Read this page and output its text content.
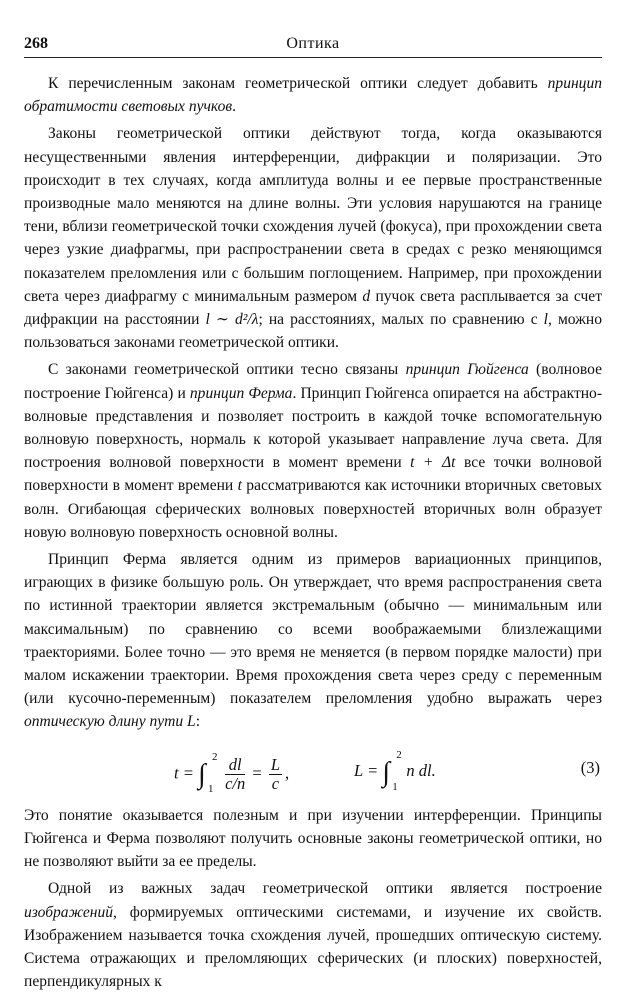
268	Оптика

К перечисленным законам геометрической оптики следует добавить принцип обратимости световых пучков.

Законы геометрической оптики действуют тогда, когда оказываются несущественными явления интерференции, дифракции и поляризации. Это происходит в тех случаях, когда амплитуда волны и ее первые пространственные производные мало меняются на длине волны. Эти условия нарушаются на границе тени, вблизи геометрической точки схождения лучей (фокуса), при прохождении света через узкие диафрагмы, при распространении света в средах с резко меняющимся показателем преломления или с большим поглощением. Например, при прохождении света через диафрагму с минимальным размером d пучок света расплывается за счет дифракции на расстоянии l ∼ d²/λ; на расстояниях, малых по сравнению с l, можно пользоваться законами геометрической оптики.

С законами геометрической оптики тесно связаны принцип Гюйгенса (волновое построение Гюйгенса) и принцип Ферма. Принцип Гюйгенса опирается на абстрактно-волновые представления и позволяет построить в каждой точке вспомогательную волновую поверхность, нормаль к которой указывает направление луча света. Для построения волновой поверхности в момент времени t + Δt все точки волновой поверхности в момент времени t рассматриваются как источники вторичных световых волн. Огибающая сферических волновых поверхностей вторичных волн образует новую волновую поверхность основной волны.

Принцип Ферма является одним из примеров вариационных принципов, играющих в физике большую роль. Он утверждает, что время распространения света по истинной траектории является экстремальным (обычно — минимальным или максимальным) по сравнению со всеми воображаемыми близлежащими траекториями. Более точно — это время не меняется (в первом порядке малости) при малом искажении траектории. Время прохождения света через среду с переменным (или кусочно-переменным) показателем преломления удобно выражать через оптическую длину пути L:

t = ∫
2
1
$\frac{dl}{c/n} = \frac{L}{c}$ ,	L = ∫
2
1
n dl.	(3)

Это понятие оказывается полезным и при изучении интерференции. Принципы Гюйгенса и Ферма позволяют получить основные законы геометрической оптики, но не позволяют выйти за ее пределы.

Одной из важных задач геометрической оптики является построение изображений, формируемых оптическими системами, и изучение их свойств. Изображением называется точка схождения лучей, прошедших оптическую систему. Система отражающих и преломляющих сферических (и плоских) поверхностей, перпендикулярных к
